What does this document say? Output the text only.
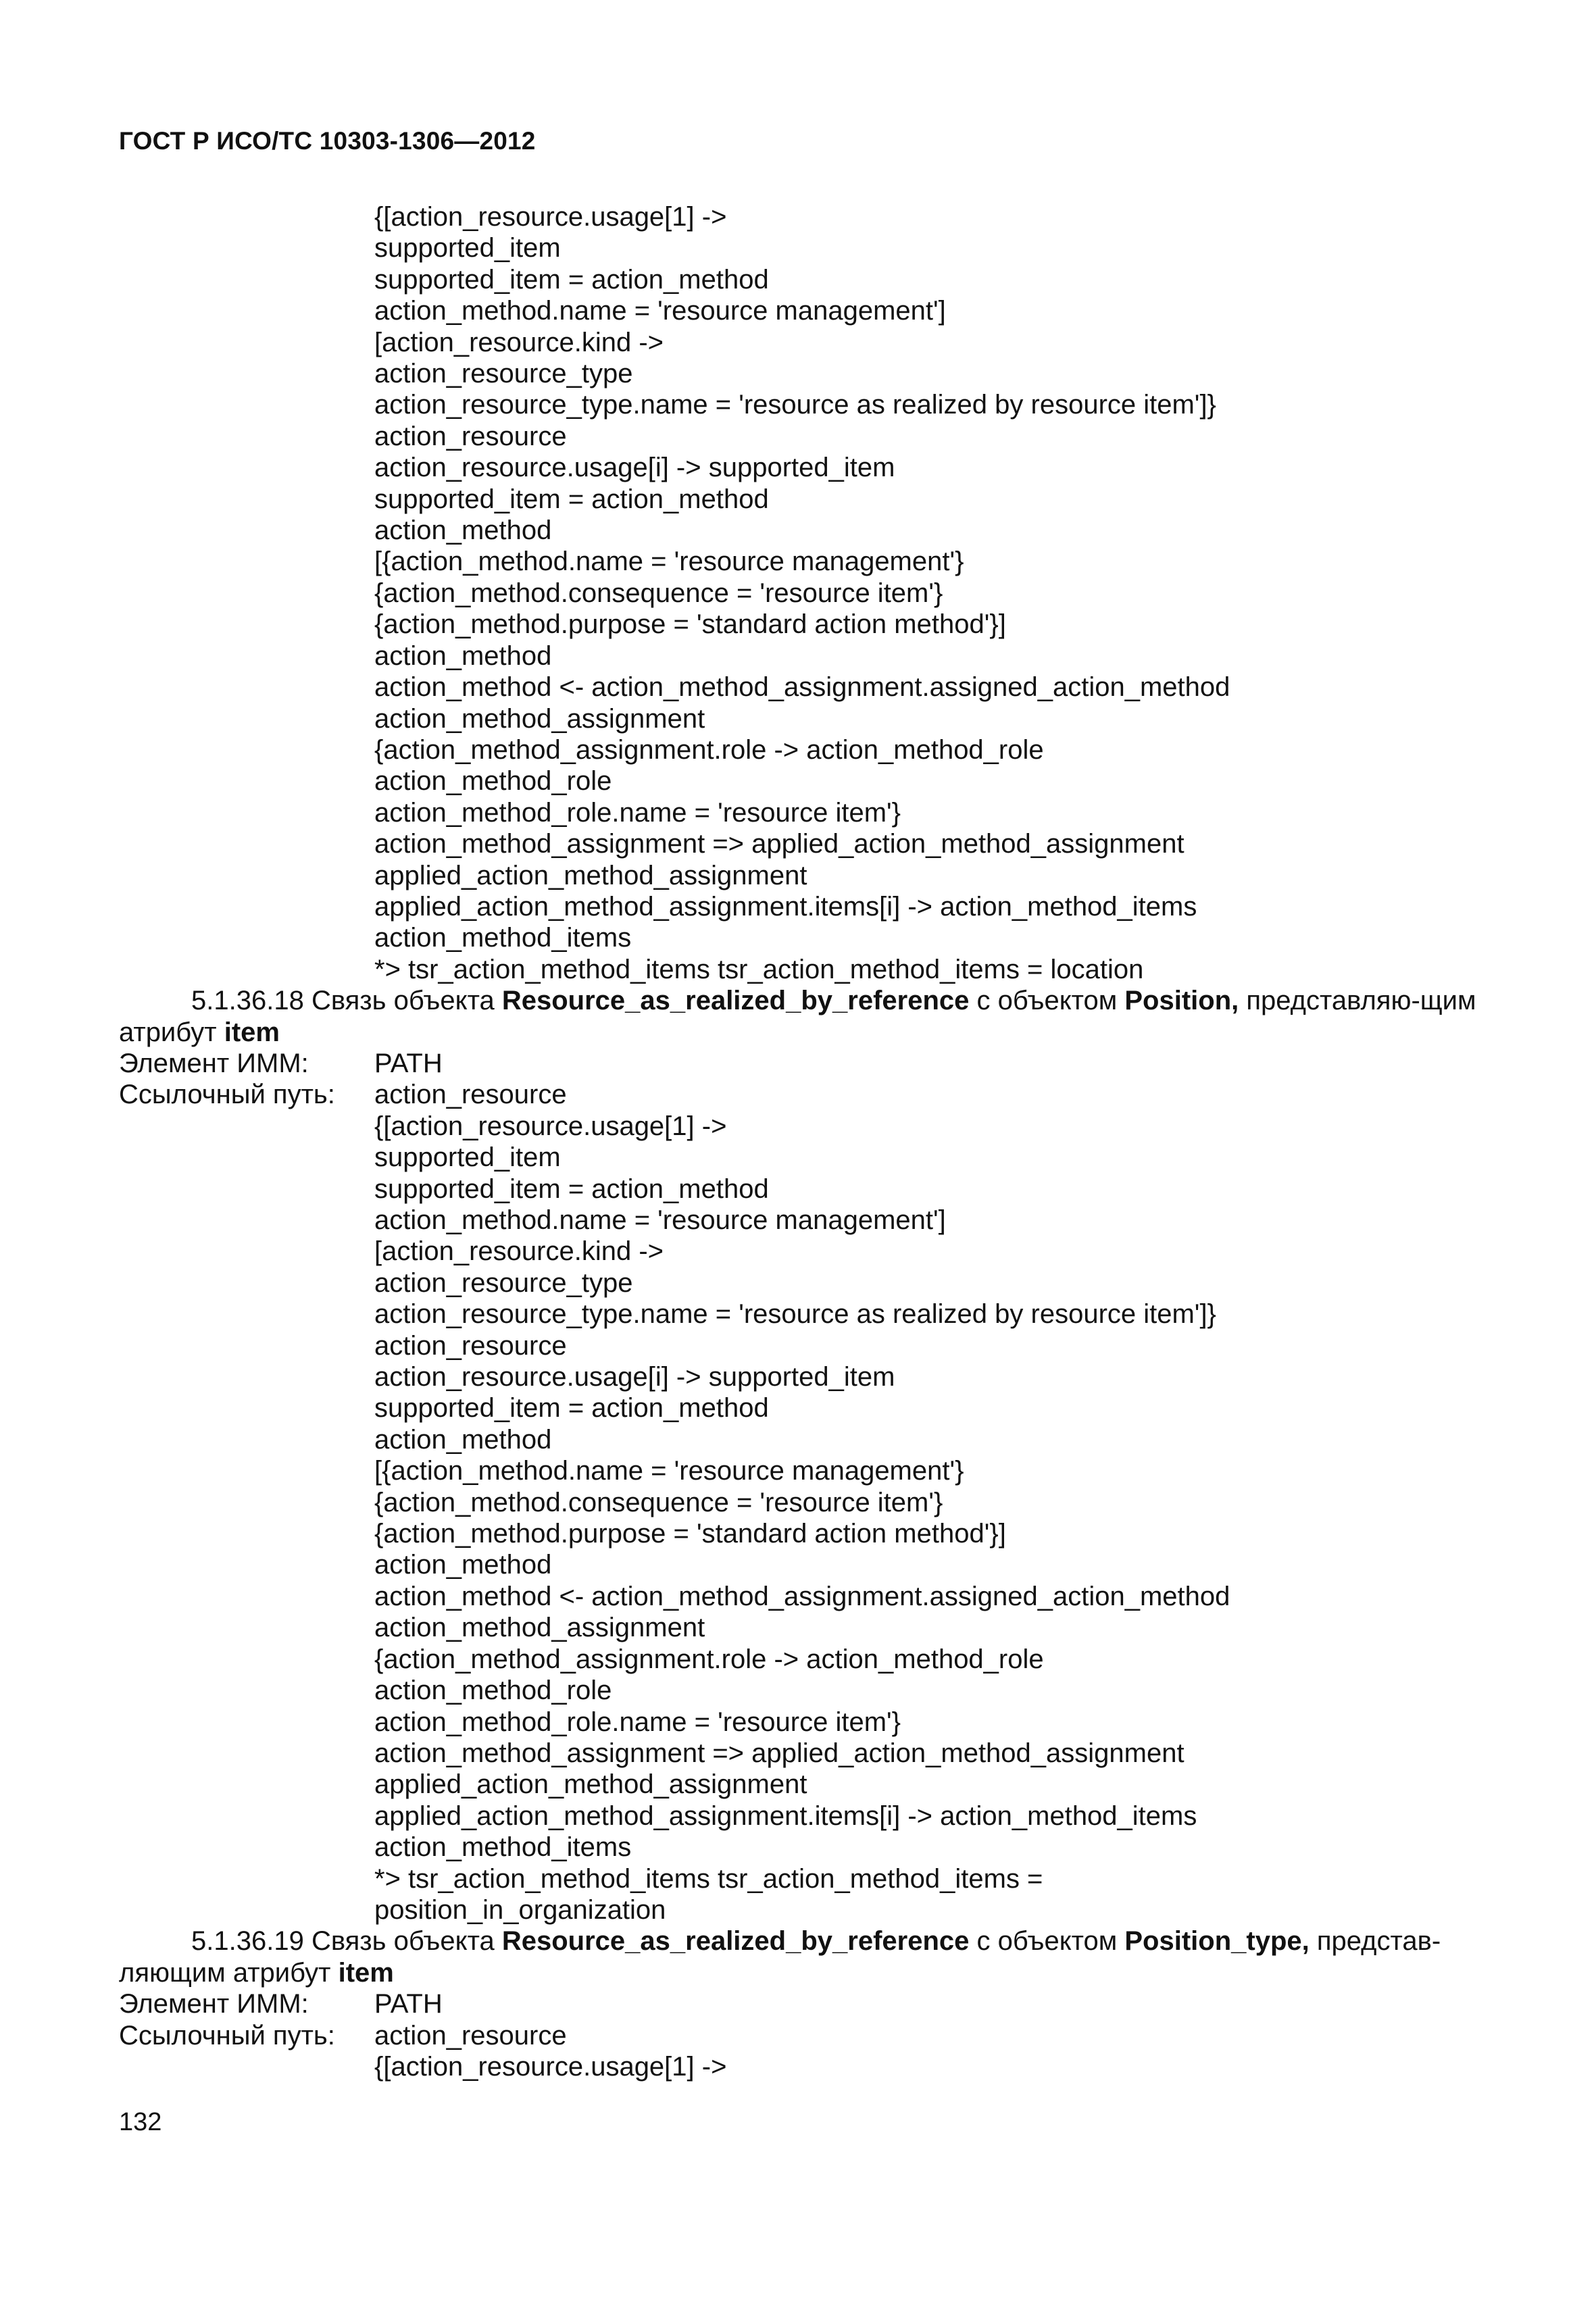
ГОСТ Р ИСО/ТС 10303-1306—2012
{[action_resource.usage[1] ->
supported_item
supported_item = action_method
action_method.name = 'resource management']
[action_resource.kind ->
action_resource_type
action_resource_type.name = 'resource as realized by resource item']}
action_resource
action_resource.usage[i] -> supported_item
supported_item = action_method
action_method
[{action_method.name = 'resource management'}
{action_method.consequence = 'resource item'}
{action_method.purpose = 'standard action method'}]
action_method
action_method <- action_method_assignment.assigned_action_method
action_method_assignment
{action_method_assignment.role -> action_method_role
action_method_role
action_method_role.name = 'resource item'}
action_method_assignment => applied_action_method_assignment
applied_action_method_assignment
applied_action_method_assignment.items[i] -> action_method_items
action_method_items
*> tsr_action_method_items tsr_action_method_items = location
5.1.36.18 Связь объекта Resource_as_realized_by_reference с объектом Position, представляю-щим атрибут item
Элемент ИММ:	PATH
Ссылочный путь:	action_resource
{[action_resource.usage[1] ->
supported_item
supported_item = action_method
action_method.name = 'resource management']
[action_resource.kind ->
action_resource_type
action_resource_type.name = 'resource as realized by resource item']}
action_resource
action_resource.usage[i] -> supported_item
supported_item = action_method
action_method
[{action_method.name = 'resource management'}
{action_method.consequence = 'resource item'}
{action_method.purpose = 'standard action method'}]
action_method
action_method <- action_method_assignment.assigned_action_method
action_method_assignment
{action_method_assignment.role -> action_method_role
action_method_role
action_method_role.name = 'resource item'}
action_method_assignment => applied_action_method_assignment
applied_action_method_assignment
applied_action_method_assignment.items[i] -> action_method_items
action_method_items
*> tsr_action_method_items tsr_action_method_items =
position_in_organization
5.1.36.19 Связь объекта Resource_as_realized_by_reference с объектом Position_type, представ-ляющим атрибут item
Элемент ИММ:	PATH
Ссылочный путь:	action_resource
{[action_resource.usage[1] ->
132
